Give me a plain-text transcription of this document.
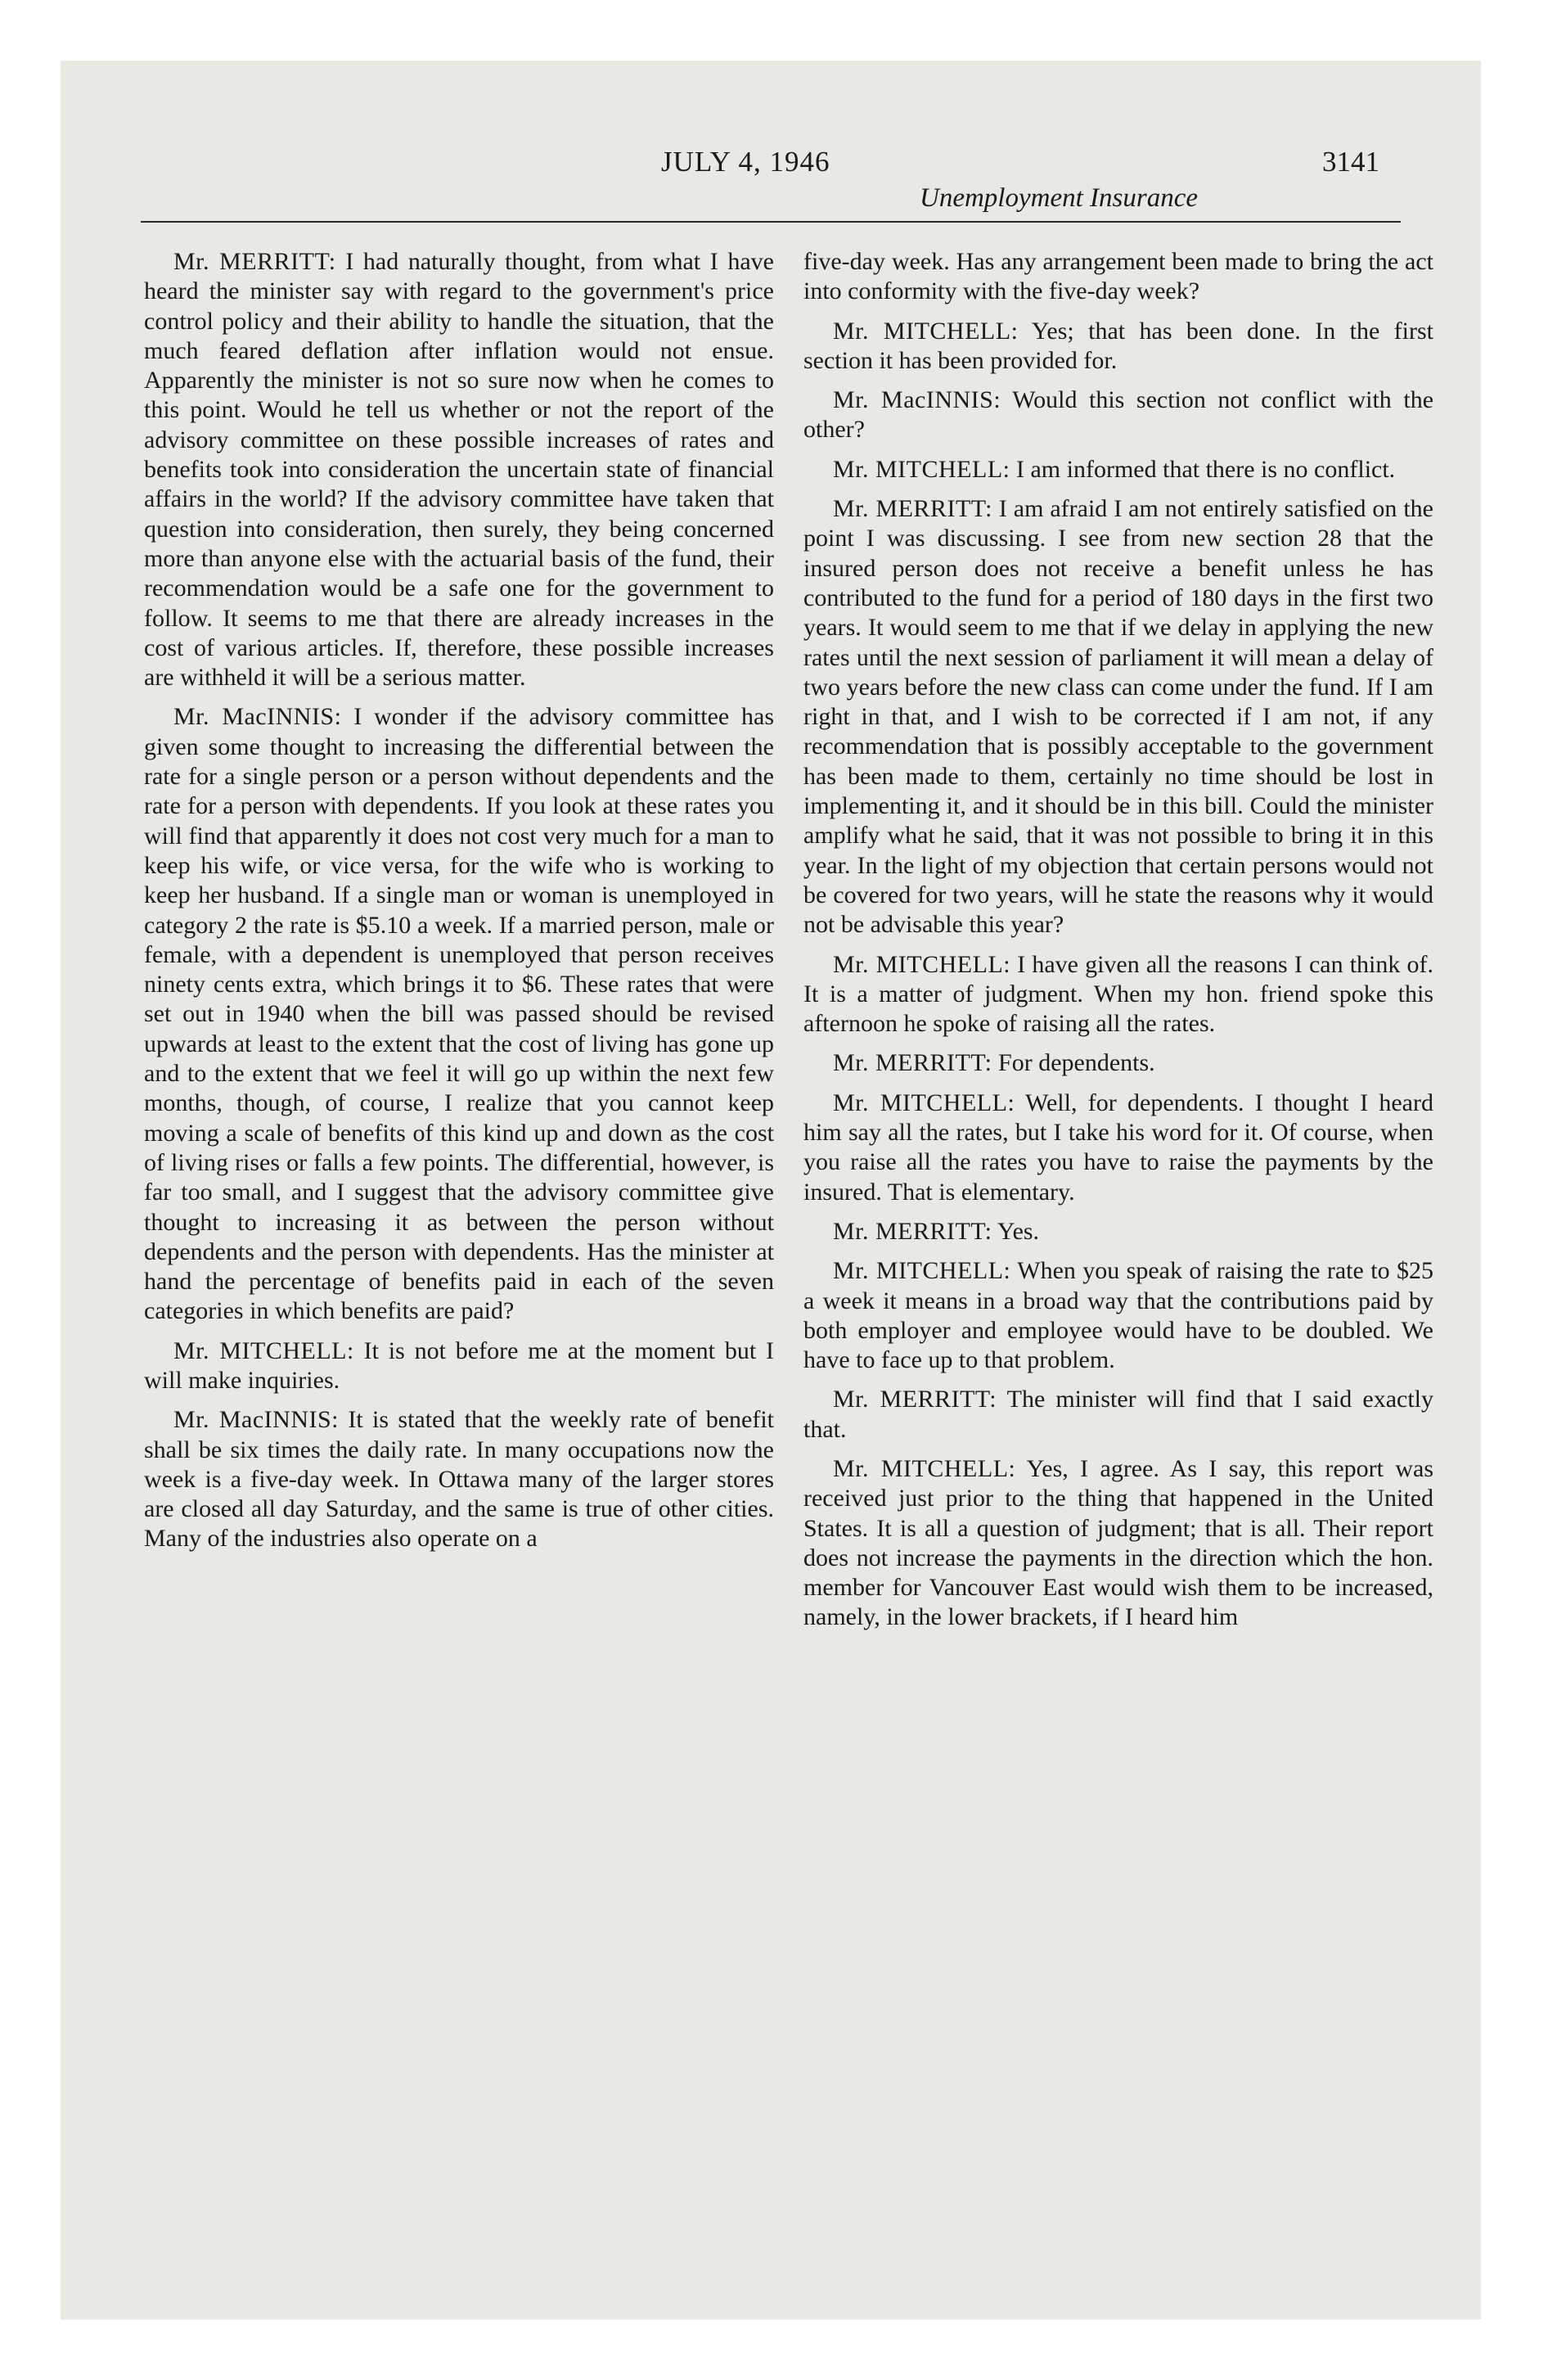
JULY 4, 1946	3141
Unemployment Insurance

Mr. MERRITT: I had naturally thought, from what I have heard the minister say with regard to the government's price control policy and their ability to handle the situation, that the much feared deflation after inflation would not ensue. Apparently the minister is not so sure now when he comes to this point. Would he tell us whether or not the report of the advisory committee on these possible increases of rates and benefits took into consideration the uncertain state of financial affairs in the world? If the advisory committee have taken that question into consideration, then surely, they being concerned more than anyone else with the actuarial basis of the fund, their recommendation would be a safe one for the government to follow. It seems to me that there are already increases in the cost of various articles. If, therefore, these possible increases are withheld it will be a serious matter.

Mr. MacINNIS: I wonder if the advisory committee has given some thought to increasing the differential between the rate for a single person or a person without dependents and the rate for a person with dependents. If you look at these rates you will find that apparently it does not cost very much for a man to keep his wife, or vice versa, for the wife who is working to keep her husband. If a single man or woman is unemployed in category 2 the rate is $5.10 a week. If a married person, male or female, with a dependent is unemployed that person receives ninety cents extra, which brings it to $6. These rates that were set out in 1940 when the bill was passed should be revised upwards at least to the extent that the cost of living has gone up and to the extent that we feel it will go up within the next few months, though, of course, I realize that you cannot keep moving a scale of benefits of this kind up and down as the cost of living rises or falls a few points. The differential, however, is far too small, and I suggest that the advisory committee give thought to increasing it as between the person without dependents and the person with dependents. Has the minister at hand the percentage of benefits paid in each of the seven categories in which benefits are paid?

Mr. MITCHELL: It is not before me at the moment but I will make inquiries.

Mr. MacINNIS: It is stated that the weekly rate of benefit shall be six times the daily rate. In many occupations now the week is a five-day week. In Ottawa many of the larger stores are closed all day Saturday, and the same is true of other cities. Many of the industries also operate on a

five-day week. Has any arrangement been made to bring the act into conformity with the five-day week?

Mr. MITCHELL: Yes; that has been done. In the first section it has been provided for.

Mr. MacINNIS: Would this section not conflict with the other?

Mr. MITCHELL: I am informed that there is no conflict.

Mr. MERRITT: I am afraid I am not entirely satisfied on the point I was discussing. I see from new section 28 that the insured person does not receive a benefit unless he has contributed to the fund for a period of 180 days in the first two years. It would seem to me that if we delay in applying the new rates until the next session of parliament it will mean a delay of two years before the new class can come under the fund. If I am right in that, and I wish to be corrected if I am not, if any recommendation that is possibly acceptable to the government has been made to them, certainly no time should be lost in implementing it, and it should be in this bill. Could the minister amplify what he said, that it was not possible to bring it in this year. In the light of my objection that certain persons would not be covered for two years, will he state the reasons why it would not be advisable this year?

Mr. MITCHELL: I have given all the reasons I can think of. It is a matter of judgment. When my hon. friend spoke this afternoon he spoke of raising all the rates.

Mr. MERRITT: For dependents.

Mr. MITCHELL: Well, for dependents. I thought I heard him say all the rates, but I take his word for it. Of course, when you raise all the rates you have to raise the payments by the insured. That is elementary.

Mr. MERRITT: Yes.

Mr. MITCHELL: When you speak of raising the rate to $25 a week it means in a broad way that the contributions paid by both employer and employee would have to be doubled. We have to face up to that problem.

Mr. MERRITT: The minister will find that I said exactly that.

Mr. MITCHELL: Yes, I agree. As I say, this report was received just prior to the thing that happened in the United States. It is all a question of judgment; that is all. Their report does not increase the payments in the direction which the hon. member for Vancouver East would wish them to be increased, namely, in the lower brackets, if I heard him
